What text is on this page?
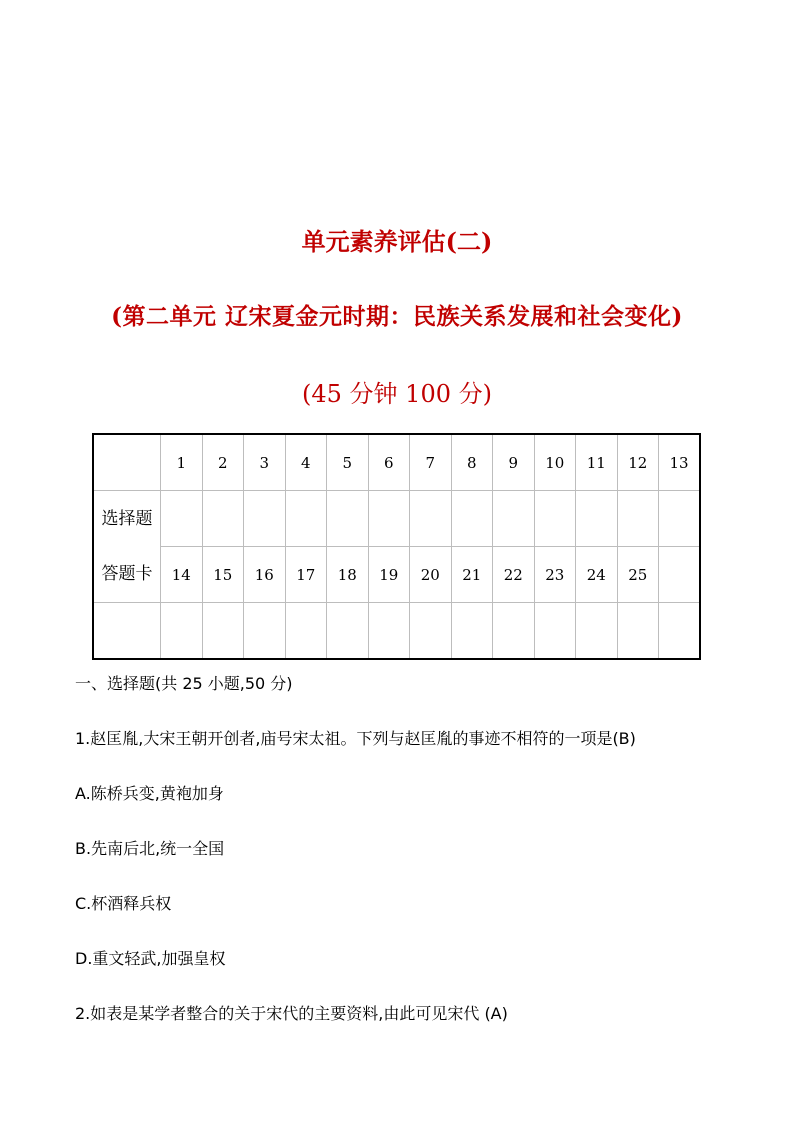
单元素养评估(二)
(第二单元 辽宋夏金元时期：民族关系发展和社会变化)
(45 分钟 100 分)
	1	2	3	4	5	6	7	8	9	10	11	12	13
选择题													
答题卡	14	15	16	17	18	19	20	21	22	23	24	25	

一、选择题(共 25 小题,50 分)
1.赵匡胤,大宋王朝开创者,庙号宋太祖。下列与赵匡胤的事迹不相符的一项是(B)
A.陈桥兵变,黄袍加身
B.先南后北,统一全国
C.杯酒释兵权
D.重文轻武,加强皇权
2.如表是某学者整合的关于宋代的主要资料,由此可见宋代 (A)
